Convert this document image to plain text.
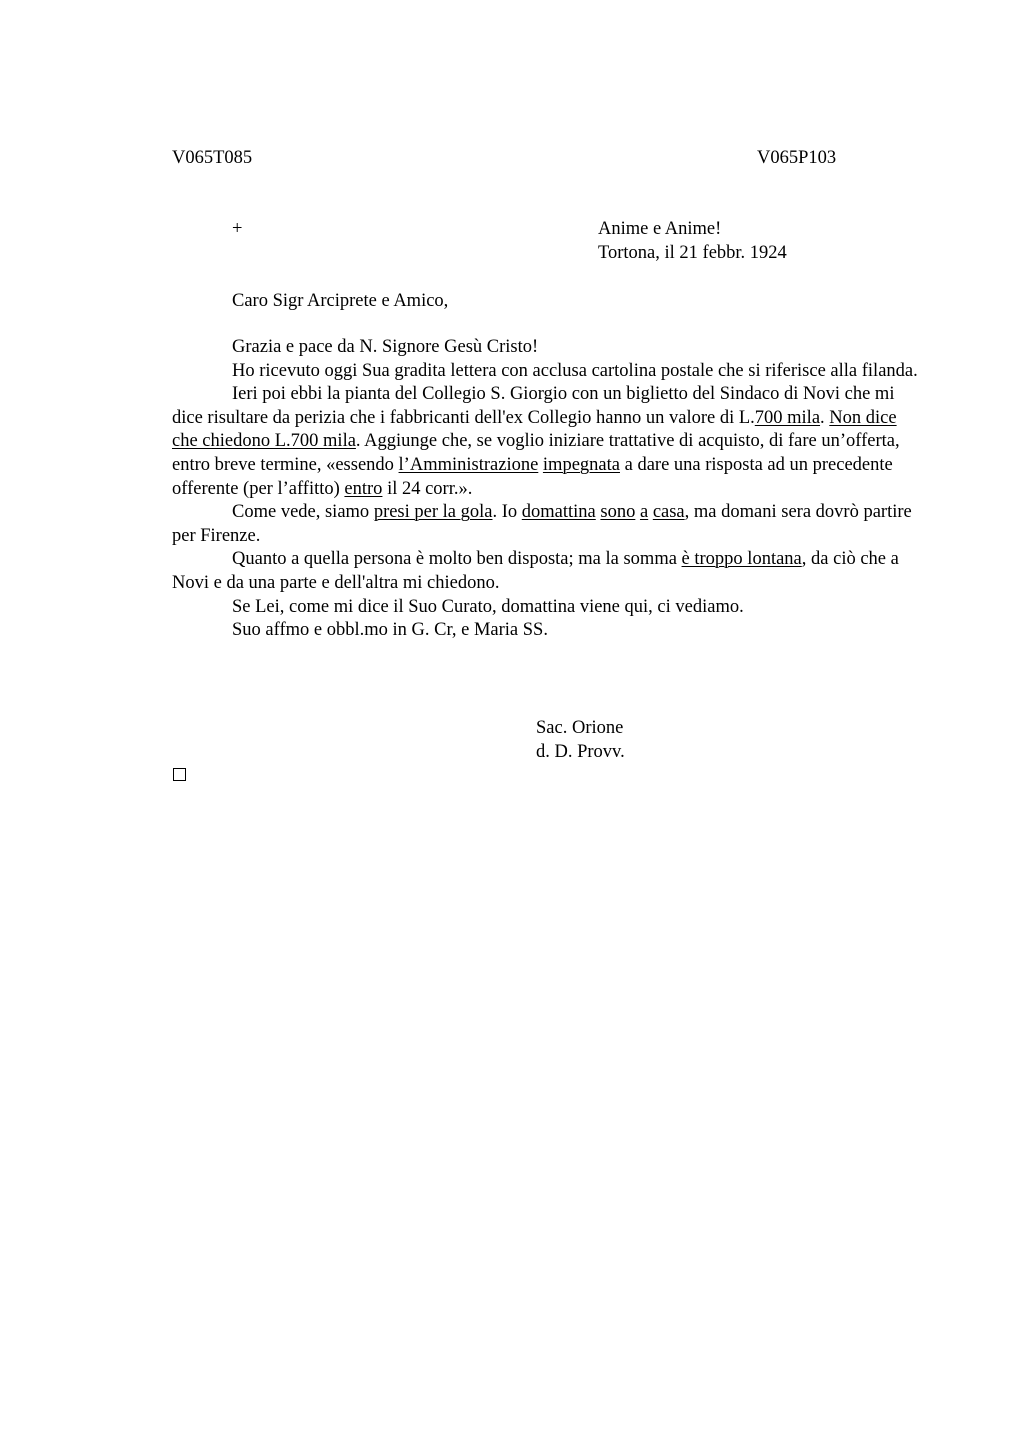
V065T085	V065P103
+	Anime e Anime!
Tortona, il 21 febbr. 1924
Caro Sigr Arciprete e Amico,

Grazia e pace da N. Signore Gesù Cristo!

Ho ricevuto oggi Sua gradita lettera con acclusa cartolina postale che si riferisce alla filanda.

Ieri poi ebbi la pianta del Collegio S. Giorgio con un biglietto del Sindaco di Novi che mi dice risultare da perizia che i fabbricanti dell'ex Collegio hanno un valore di L.700 mila. Non dice che chiedono L.700 mila. Aggiunge che, se voglio iniziare trattative di acquisto, di fare un’offerta, entro breve termine, «essendo l’Amministrazione impegnata a dare una risposta ad un precedente offerente (per l’affitto) entro il 24 corr.».

Come vede, siamo presi per la gola. Io domattina sono a casa, ma domani sera dovrò partire per Firenze.

Quanto a quella persona è molto ben disposta; ma la somma è troppo lontana, da ciò che a Novi e da una parte e dell'altra mi chiedono.

Se Lei, come mi dice il Suo Curato, domattina viene qui, ci vediamo.

Suo affmo e obbl.mo in G. Cr, e Maria SS.

Sac. Orione
d. D. Provv.
